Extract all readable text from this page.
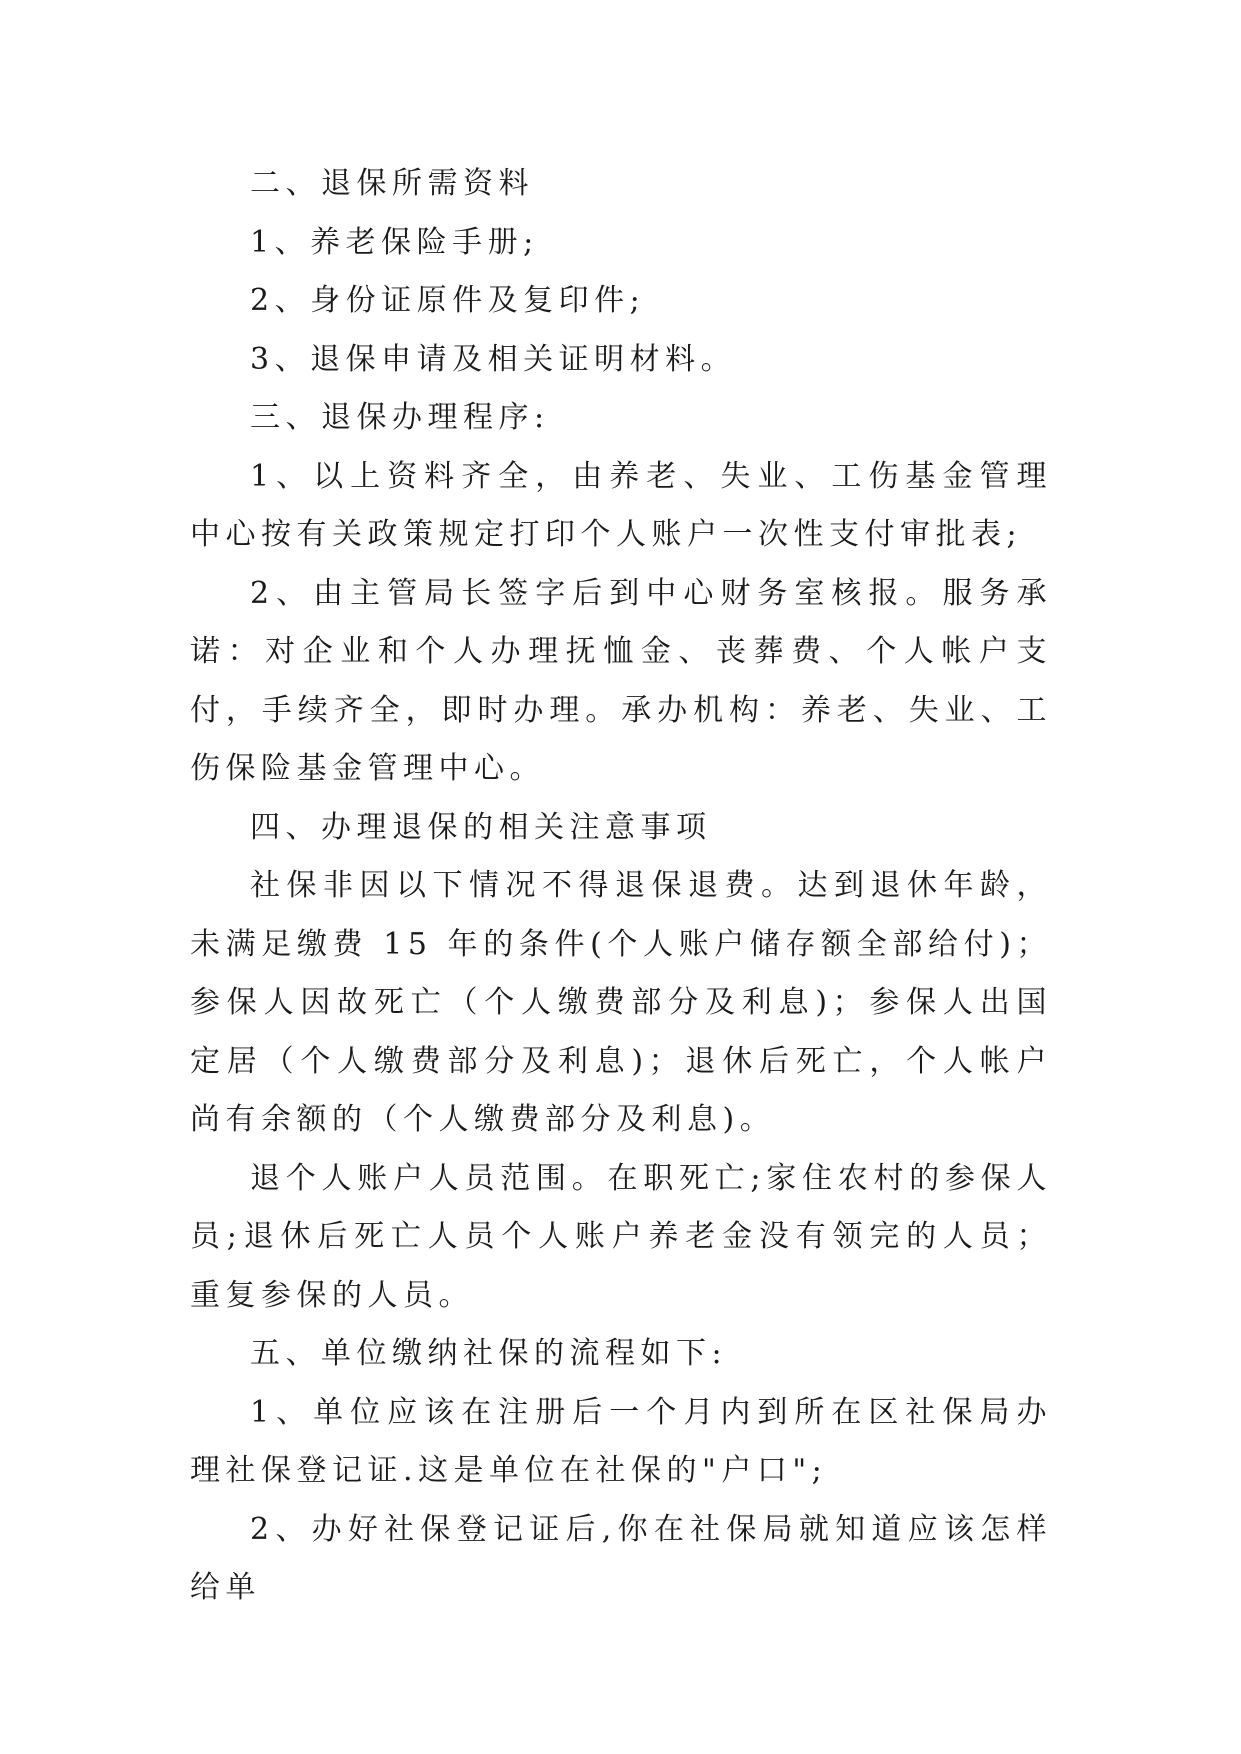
二、退保所需资料

1、养老保险手册;

2、身份证原件及复印件;

3、退保申请及相关证明材料。

三、退保办理程序:

1、以上资料齐全，由养老、失业、工伤基金管理中心按有关政策规定打印个人账户一次性支付审批表;

2、由主管局长签字后到中心财务室核报。服务承诺：对企业和个人办理抚恤金、丧葬费、个人帐户支付，手续齐全，即时办理。承办机构：养老、失业、工伤保险基金管理中心。

四、办理退保的相关注意事项

社保非因以下情况不得退保退费。达到退休年龄，未满足缴费 15 年的条件(个人账户储存额全部给付)；参保人因故死亡（个人缴费部分及利息)；参保人出国定居（个人缴费部分及利息)；退休后死亡，个人帐户尚有余额的（个人缴费部分及利息)。

退个人账户人员范围。在职死亡;家住农村的参保人员;退休后死亡人员个人账户养老金没有领完的人员；重复参保的人员。

五、单位缴纳社保的流程如下:

1、单位应该在注册后一个月内到所在区社保局办理社保登记证.这是单位在社保的"户口";

2、办好社保登记证后,你在社保局就知道应该怎样给单
